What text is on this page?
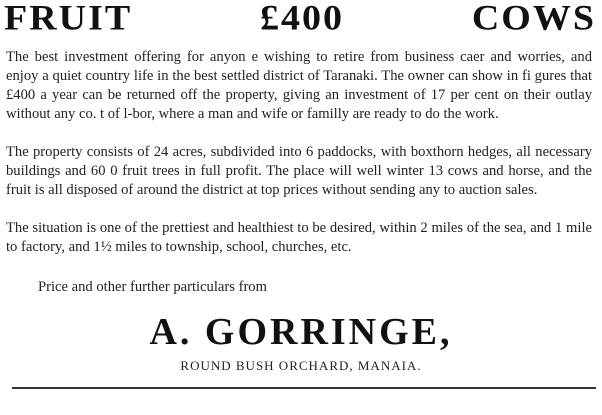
FRUIT	£400	COWS
The best investment offering for anyon e wishing to retire from business caer and worries, and enjoy a quiet country life in the best settled district of Taranaki. The owner can show in fi gures that £400 a year can be returned off the property, giving an investment of 17 per cent on their outlay without any co. t of l-bor, where a man and wife or familly are ready to do the work.
The property consists of 24 acres, subdivided into 6 paddocks, with boxthorn hedges, all necessary buildings and 60 0 fruit trees in full profit. The place will well winter 13 cows and horse, and the fruit is all disposed of around the district at top prices without sending any to auction sales.
The situation is one of the prettiest and healthiest to be desired, within 2 miles of the sea, and 1 mile to factory, and 1½ miles to township, school, churches, etc.
Price and other further particulars from
A. GORRINGE,
ROUND BUSH ORCHARD, MANAIA.
